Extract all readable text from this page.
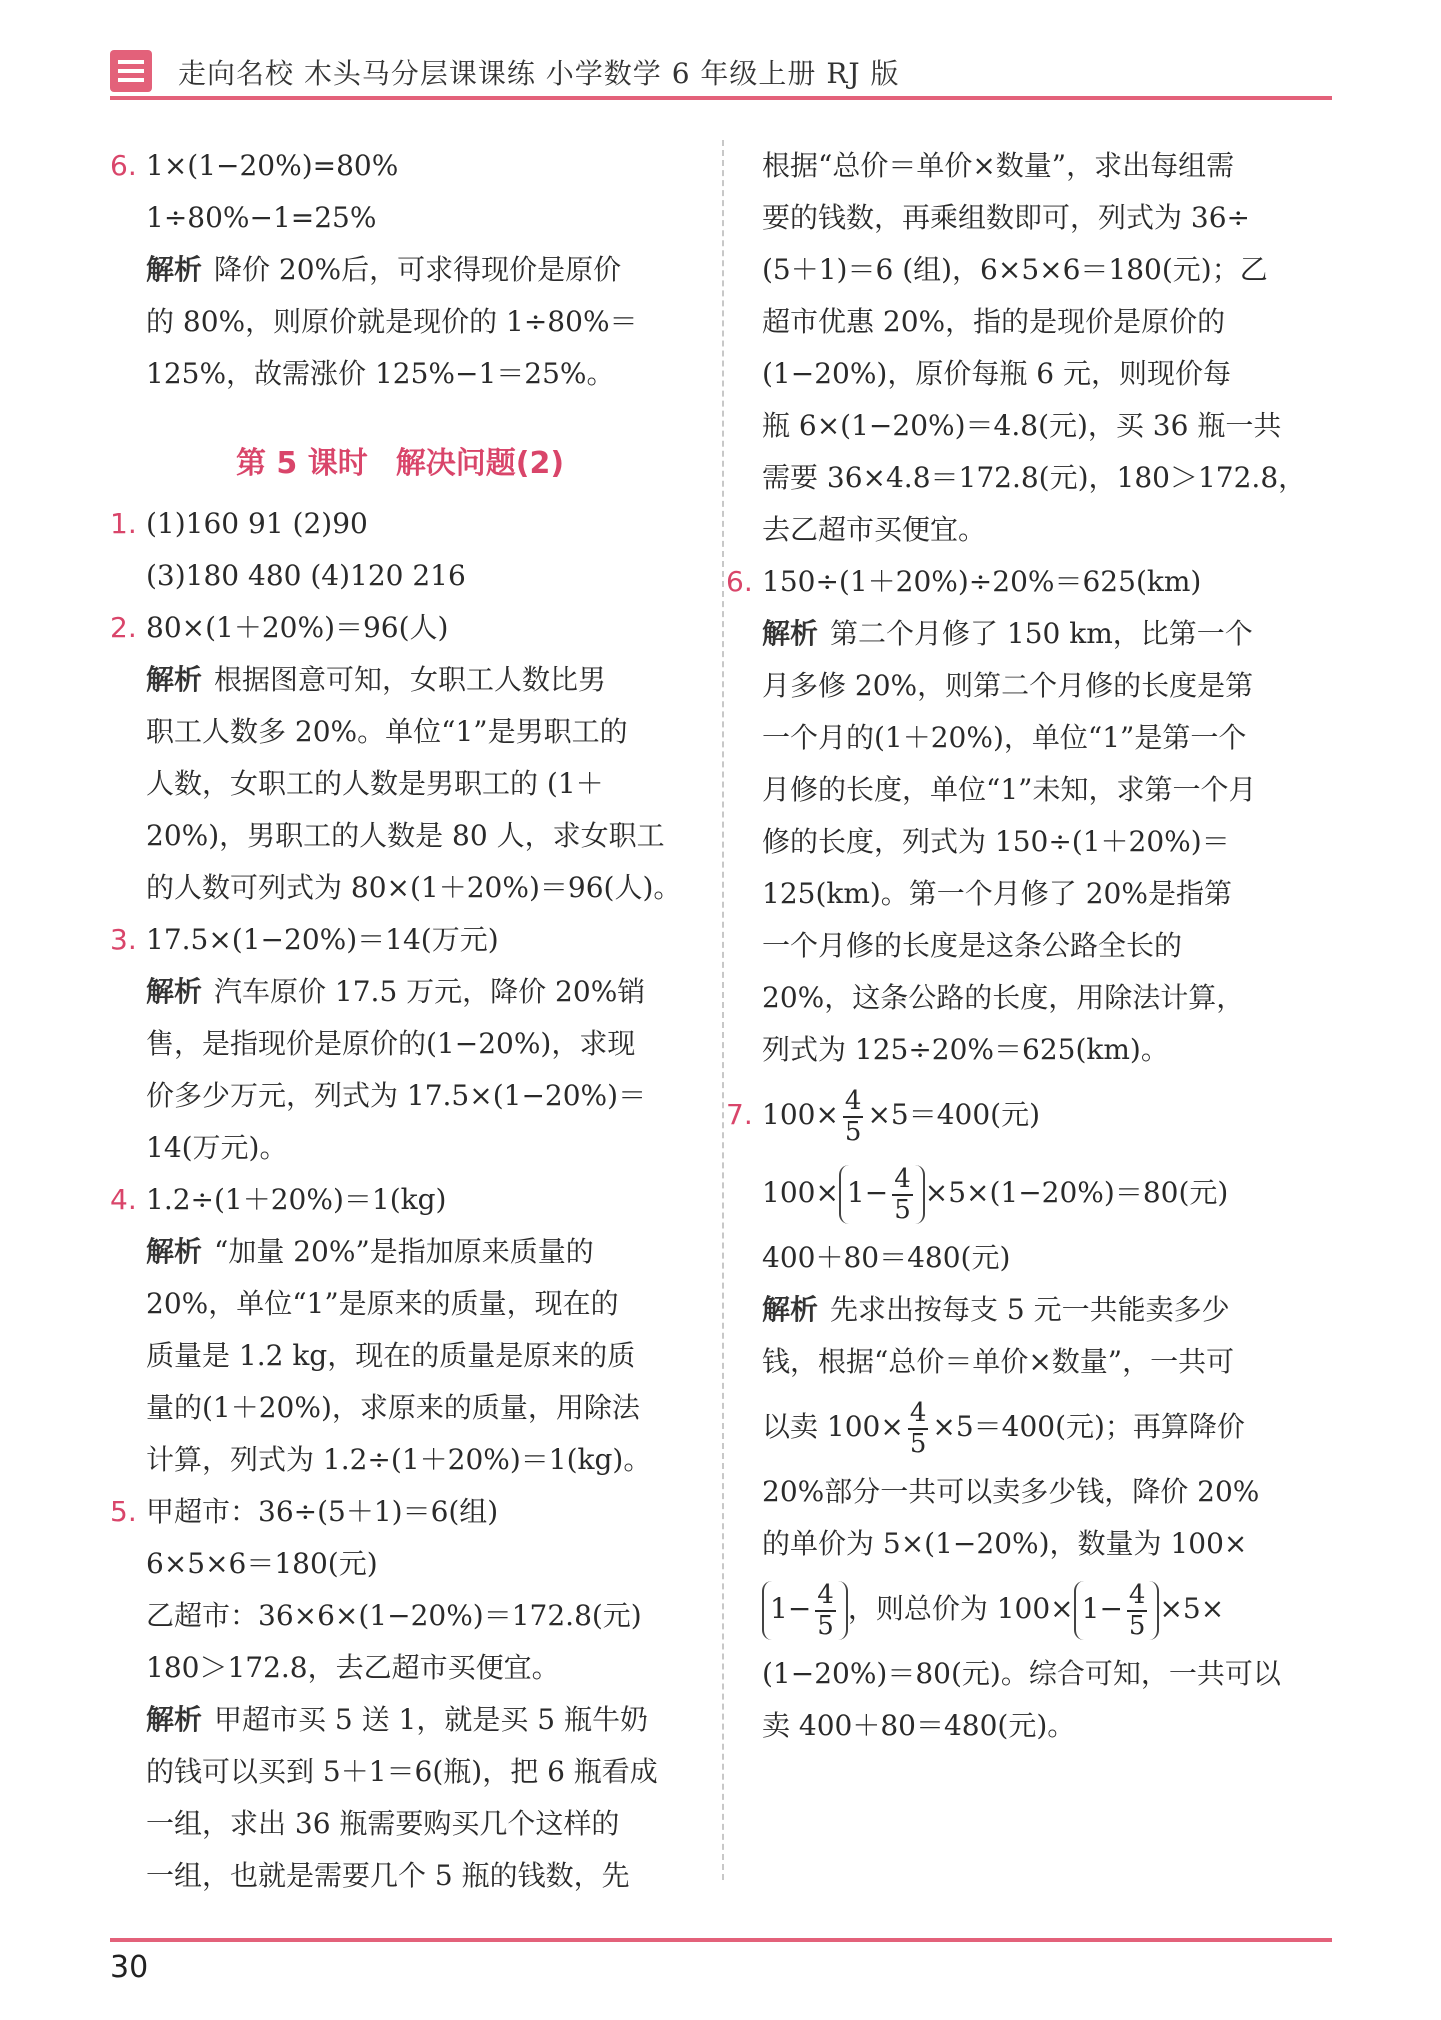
走向名校 木头马分层课课练 小学数学 6 年级上册 RJ 版
6. 1×(1−20%)=80%
1÷80%−1=25%
解析 降价 20%后，可求得现价是原价
的 80%，则原价就是现价的 1÷80%＝
125%，故需涨价 125%−1＝25%。
第 5 课时 解决问题(2)
1. (1)160 91 (2)90
(3)180 480 (4)120 216
2. 80×(1＋20%)＝96(人)
解析 根据图意可知，女职工人数比男
职工人数多 20%。单位“1”是男职工的
人数，女职工的人数是男职工的 (1＋
20%)，男职工的人数是 80 人，求女职工
的人数可列式为 80×(1＋20%)＝96(人)。
3. 17.5×(1−20%)＝14(万元)
解析 汽车原价 17.5 万元，降价 20%销
售，是指现价是原价的(1−20%)，求现
价多少万元，列式为 17.5×(1−20%)＝
14(万元)。
4. 1.2÷(1＋20%)＝1(kg)
解析 “加量 20%”是指加原来质量的
20%，单位“1”是原来的质量，现在的
质量是 1.2 kg，现在的质量是原来的质
量的(1＋20%)，求原来的质量，用除法
计算，列式为 1.2÷(1＋20%)＝1(kg)。
5. 甲超市：36÷(5＋1)＝6(组)
6×5×6＝180(元)
乙超市：36×6×(1−20%)＝172.8(元)
180＞172.8，去乙超市买便宜。
解析 甲超市买 5 送 1，就是买 5 瓶牛奶
的钱可以买到 5＋1＝6(瓶)，把 6 瓶看成
一组，求出 36 瓶需要购买几个这样的
一组，也就是需要几个 5 瓶的钱数，先
根据“总价＝单价×数量”，求出每组需
要的钱数，再乘组数即可，列式为 36÷
(5＋1)＝6 (组)，6×5×6＝180(元)；乙
超市优惠 20%，指的是现价是原价的
(1−20%)，原价每瓶 6 元，则现价每
瓶 6×(1−20%)＝4.8(元)，买 36 瓶一共
需要 36×4.8＝172.8(元)，180＞172.8，
去乙超市买便宜。
6. 150÷(1＋20%)÷20%＝625(km)
解析 第二个月修了 150 km，比第一个
月多修 20%，则第二个月修的长度是第
一个月的(1＋20%)，单位“1”是第一个
月修的长度，单位“1”未知，求第一个月
修的长度，列式为 150÷(1＋20%)＝
125(km)。第一个月修了 20%是指第
一个月修的长度是这条公路全长的
20%，这条公路的长度，用除法计算，
列式为 125÷20%＝625(km)。
7. $100\times \frac{4}{5} \times 5=400$(元)
$100\times 1- \frac{4}{5} \times 5\times(1-20\%)=80$(元)
400＋80＝480(元)
解析 先求出按每支 5 元一共能卖多少
钱，根据“总价＝单价×数量”，一共可
以卖 $100\times \frac{4}{5} \times 5=400$(元)；再算降价
20%部分一共可以卖多少钱，降价 20%
的单价为 5×(1−20%)，数量为 100×
$1- \frac{4}{5}$ ，则总价为 $100\times 1- \frac{4}{5} \times 5\times$
(1−20%)＝80(元)。综合可知，一共可以
卖 400＋80＝480(元)。
30
